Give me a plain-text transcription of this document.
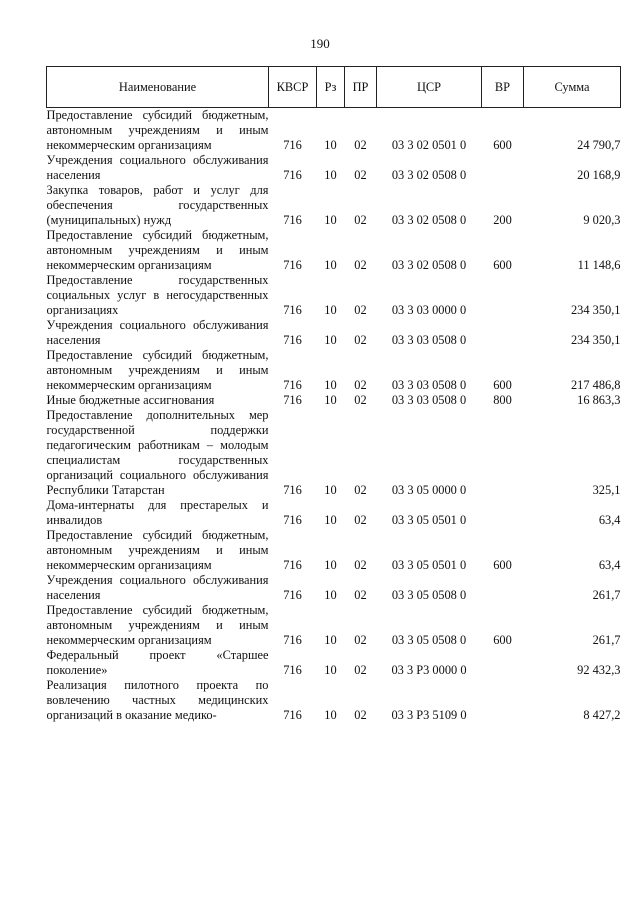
190
Наименование	КВСР	Рз	ПР	ЦСР	ВР	Сумма
Предоставление субсидий бюджетным, автономным учреждениям и иным некоммерческим организациям	716	10	02	03 3 02 0501 0	600	24 790,7
Учреждения социального обслуживания населения	716	10	02	03 3 02 0508 0		20 168,9
Закупка товаров, работ и услуг для обеспечения государственных (муниципальных) нужд	716	10	02	03 3 02 0508 0	200	9 020,3
Предоставление субсидий бюджетным, автономным учреждениям и иным некоммерческим организациям	716	10	02	03 3 02 0508 0	600	11 148,6
Предоставление государственных социальных услуг в негосударственных организациях	716	10	02	03 3 03 0000 0		234 350,1
Учреждения социального обслуживания населения	716	10	02	03 3 03 0508 0		234 350,1
Предоставление субсидий бюджетным, автономным учреждениям и иным некоммерческим организациям	716	10	02	03 3 03 0508 0	600	217 486,8
Иные бюджетные ассигнования	716	10	02	03 3 03 0508 0	800	16 863,3
Предоставление дополнительных мер государственной поддержки педагогическим работникам – молодым специалистам государственных организаций социального обслуживания Республики Татарстан	716	10	02	03 3 05 0000 0		325,1
Дома-интернаты для престарелых и инвалидов	716	10	02	03 3 05 0501 0		63,4
Предоставление субсидий бюджетным, автономным учреждениям и иным некоммерческим организациям	716	10	02	03 3 05 0501 0	600	63,4
Учреждения социального обслуживания населения	716	10	02	03 3 05 0508 0		261,7
Предоставление субсидий бюджетным, автономным учреждениям и иным некоммерческим организациям	716	10	02	03 3 05 0508 0	600	261,7
Федеральный проект «Старшее поколение»	716	10	02	03 3 P3 0000 0		92 432,3
Реализация пилотного проекта по вовлечению частных медицинских организаций в оказание медико-	716	10	02	03 3 P3 5109 0		8 427,2
